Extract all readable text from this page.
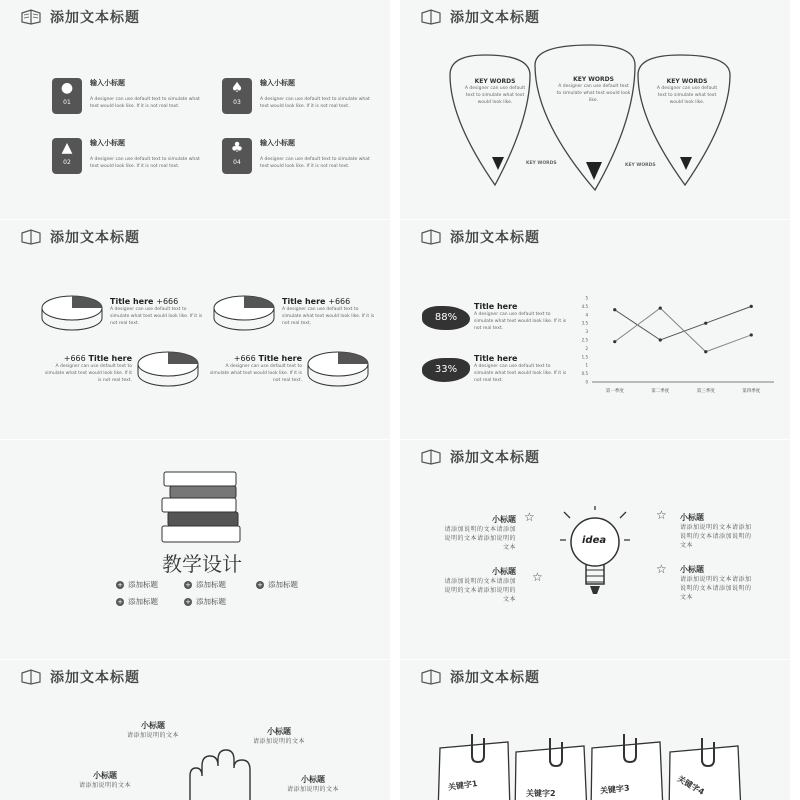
添加文本标题
●
01
输入小标题
A designer can use default text to simulate what text would look like. If it is not real text.
♠
03
输入小标题
A designer can use default text to simulate what text would look like. If it is not real text.
▲
02
输入小标题
A designer can use default text to simulate what text would look like. If it is not real text.
♣
04
输入小标题
A designer can use default text to simulate what text would look like. If it is not real text.
添加文本标题
KEY WORDS
A designer can use default text to simulate what text would look like.
KEY WORDS
A designer can use default text to simulate what text would look like.
KEY WORDS
A designer can use default text to simulate what text would look like.
KEY WORDS	KEY WORDS
添加文本标题
Title here +666
A designer can use default text to simulate what text would look like. If it is not real text.
Title here +666
A designer can use default text to simulate what text would look like. If it is not real text.
+666 Title here
A designer can use default text to simulate what text would look like. If it is not real text.
+666 Title here
A designer can use default text to simulate what text would look like. If it is not real text.
添加文本标题
88%
Title here
A designer can use default text to simulate what text would look like. If it is not real text.
33%
Title here
A designer can use default text to simulate what text would look like. If it is not real text.	0
0.5
1
1.5
2
2.5
3
3.5
4
4.5
5
第一季度	第二季度	第三季度	第四季度
教学设计
+ 添加标题	+ 添加标题	+ 添加标题
+ 添加标题	+ 添加标题
添加文本标题
idea
☆
☆
☆
☆
小标题
请添加说明的文本请添加说明的文本请添加说明的文本
小标题
请添加说明的文本请添加说明的文本请添加说明的文本
小标题
请添加说明的文本请添加说明的文本请添加说明的文本
小标题
请添加说明的文本请添加说明的文本请添加说明的文本
添加文本标题
小标题
请添加说明的文本	小标题
请添加说明的文本
小标题
请添加说明的文本
小标题
请添加说明的文本
添加文本标题
关键字1
关键字2	关键字3	关键字4
